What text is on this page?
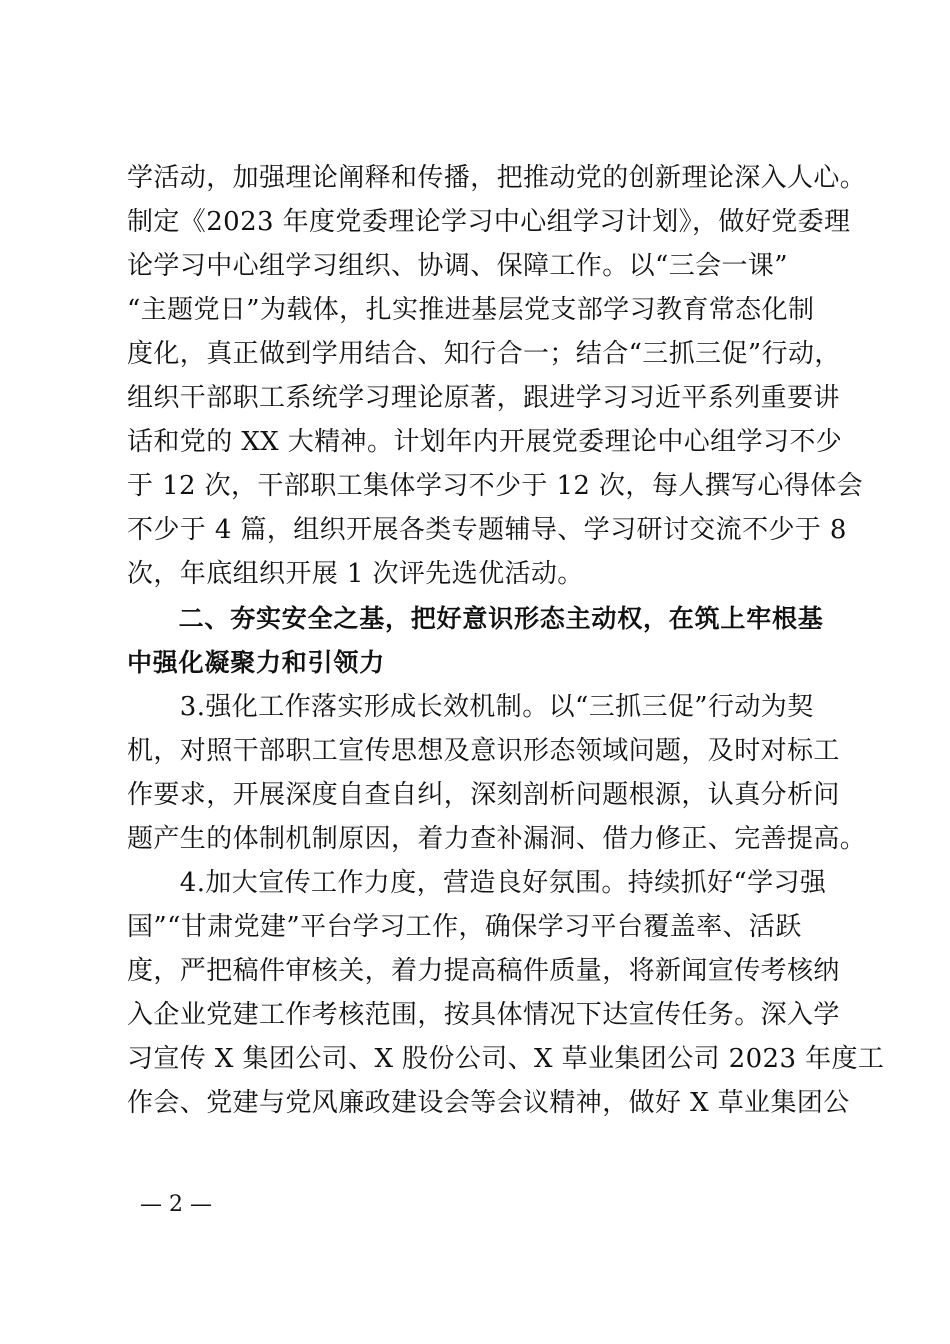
学活动，加强理论阐释和传播，把推动党的创新理论深入人心。
制定《2023 年度党委理论学习中心组学习计划》，做好党委理
论学习中心组学习组织、协调、保障工作。以“三会一课”
“主题党日”为载体，扎实推进基层党支部学习教育常态化制
度化，真正做到学用结合、知行合一；结合“三抓三促”行动，
组织干部职工系统学习理论原著，跟进学习习近平系列重要讲
话和党的 XX 大精神。计划年内开展党委理论中心组学习不少
于 12 次，干部职工集体学习不少于 12 次，每人撰写心得体会
不少于 4 篇，组织开展各类专题辅导、学习研讨交流不少于 8
次，年底组织开展 1 次评先选优活动。
　　二、夯实安全之基，把好意识形态主动权，在筑上牢根基
中强化凝聚力和引领力
　　3.强化工作落实形成长效机制。以“三抓三促”行动为契
机，对照干部职工宣传思想及意识形态领域问题，及时对标工
作要求，开展深度自查自纠，深刻剖析问题根源，认真分析问
题产生的体制机制原因，着力查补漏洞、借力修正、完善提高。
　　4.加大宣传工作力度，营造良好氛围。持续抓好“学习强
国”“甘肃党建”平台学习工作，确保学习平台覆盖率、活跃
度，严把稿件审核关，着力提高稿件质量，将新闻宣传考核纳
入企业党建工作考核范围，按具体情况下达宣传任务。深入学
习宣传 X 集团公司、X 股份公司、X 草业集团公司 2023 年度工
作会、党建与党风廉政建设会等会议精神，做好 X 草业集团公
— 2 —
